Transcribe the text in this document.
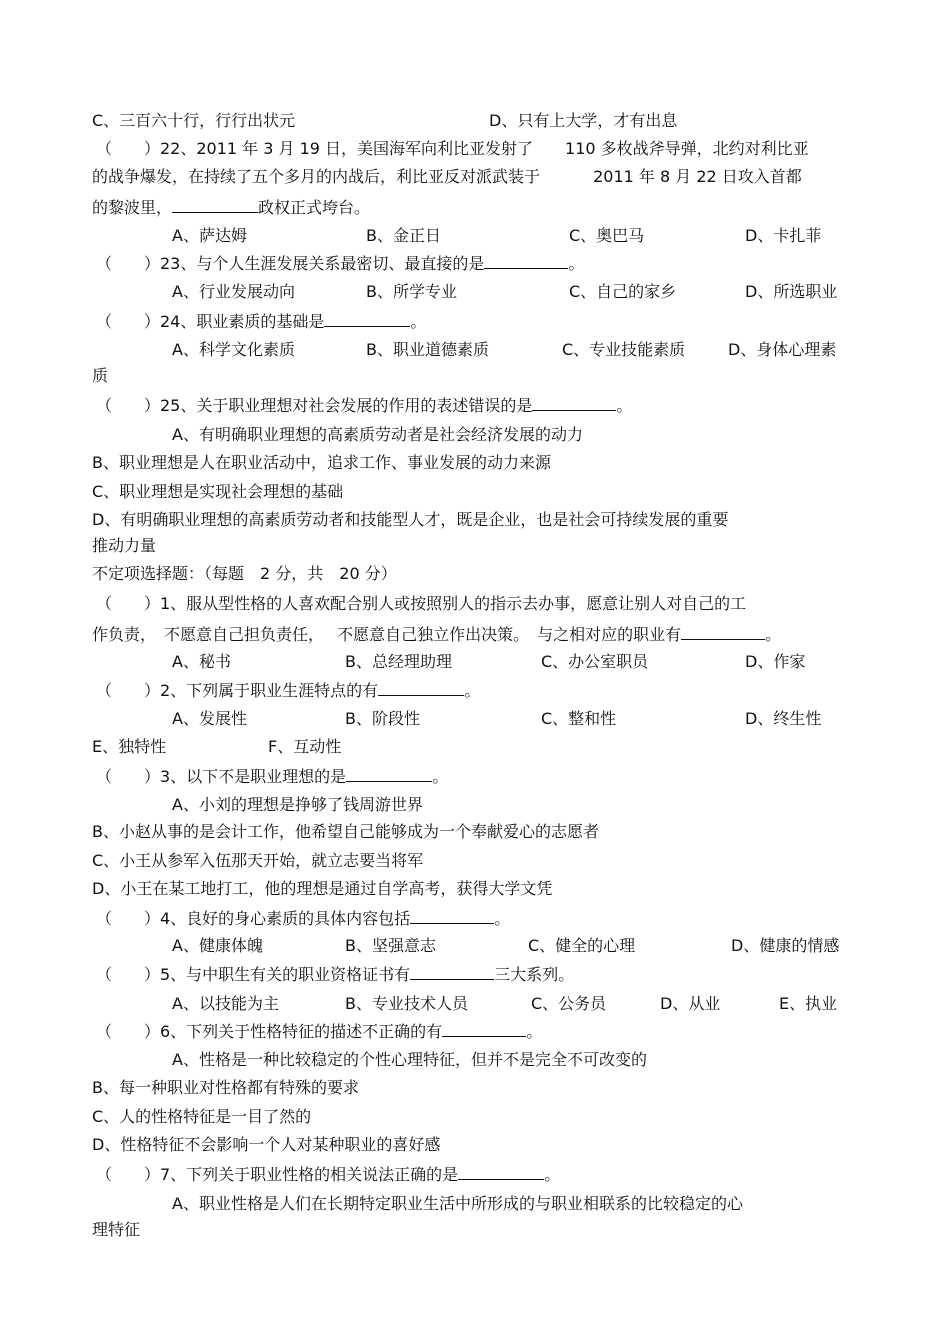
C、三百六十行，行行出状元	D、只有上大学，才有出息
（　　）22、2011 年 3 月 19 日，美国海军向利比亚发射了　　110 多枚战斧导弹，北约对利比亚
的战争爆发，在持续了五个多月的内战后，利比亚反对派武装于　　　 2011 年 8 月 22 日攻入首都
的黎波里，	政权正式垮台。
A、萨达姆	B、金正日	C、奥巴马	D、卡扎菲
（　　）23、与个人生涯发展关系最密切、最直接的是	。
A、行业发展动向	B、所学专业	C、自己的家乡	D、所选职业
（　　）24、职业素质的基础是	。
A、科学文化素质	B、职业道德素质	C、专业技能素质	D、身体心理素
质
（　　）25、关于职业理想对社会发展的作用的表述错误的是	。
A、有明确职业理想的高素质劳动者是社会经济发展的动力
B、职业理想是人在职业活动中，追求工作、事业发展的动力来源
C、职业理想是实现社会理想的基础
D、有明确职业理想的高素质劳动者和技能型人才，既是企业，也是社会可持续发展的重要
推动力量
不定项选择题：（每题　2 分，共　20 分）
（　　）1、服从型性格的人喜欢配合别人或按照别人的指示去办事，愿意让别人对自己的工
作负责，　不愿意自己担负责任，　 不愿意自己独立作出决策。　与之相对应的职业有	。
A、秘书	B、总经理助理	C、办公室职员	D、作家
（　　）2、下列属于职业生涯特点的有	。
A、发展性	B、阶段性	C、整和性	D、终生性
E、独特性	F、互动性
（　　）3、以下不是职业理想的是	。
A、小刘的理想是挣够了钱周游世界
B、小赵从事的是会计工作，他希望自己能够成为一个奉献爱心的志愿者
C、小王从参军入伍那天开始，就立志要当将军
D、小王在某工地打工，他的理想是通过自学高考，获得大学文凭
（　　）4、良好的身心素质的具体内容包括	。
A、健康体魄	B、坚强意志	C、健全的心理	D、健康的情感
（　　）5、与中职生有关的职业资格证书有	三大系列。
A、以技能为主	B、专业技术人员	C、公务员	D、从业	E、执业
（　　）6、下列关于性格特征的描述不正确的有	。
A、性格是一种比较稳定的个性心理特征，但并不是完全不可改变的
B、每一种职业对性格都有特殊的要求
C、人的性格特征是一目了然的
D、性格特征不会影响一个人对某种职业的喜好感
（　　）7、下列关于职业性格的相关说法正确的是	。
A、职业性格是人们在长期特定职业生活中所形成的与职业相联系的比较稳定的心
理特征
